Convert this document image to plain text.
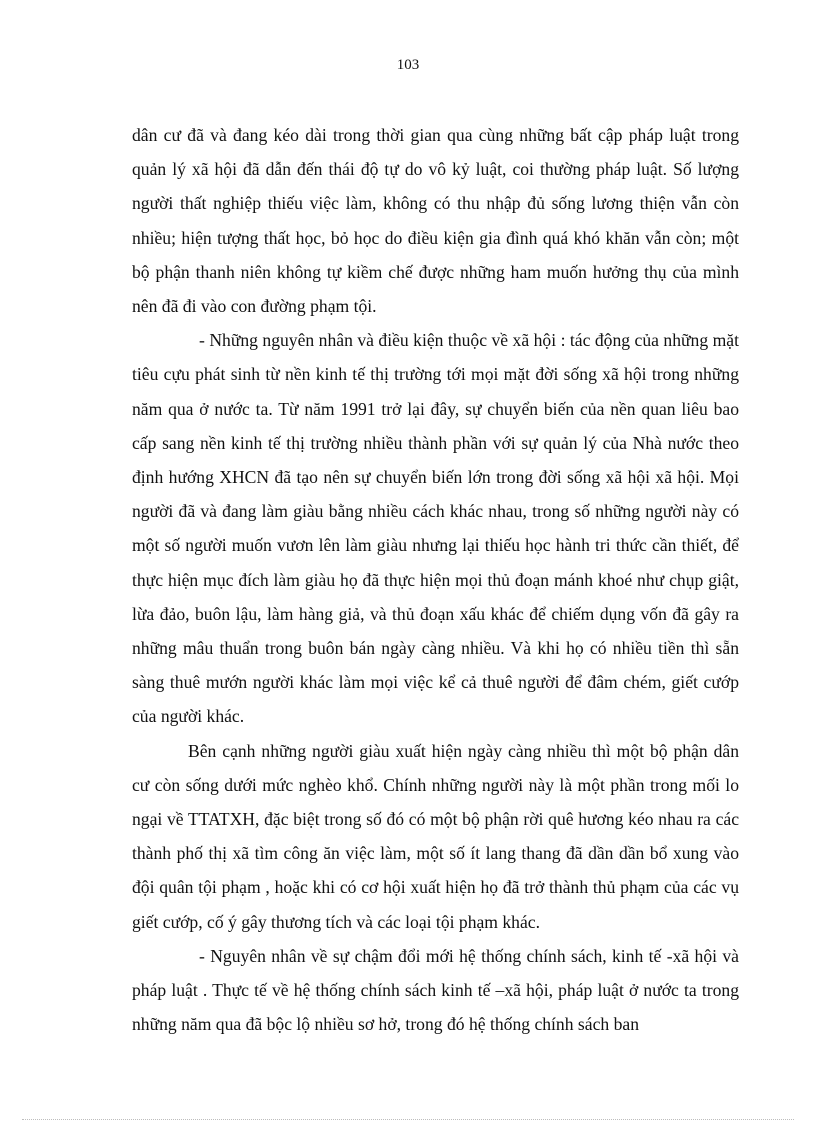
103

dân cư đã và đang kéo dài trong thời gian qua cùng những bất cập pháp luật trong quản lý xã hội đã dẫn đến thái độ tự do vô kỷ luật, coi thường pháp luật. Số lượng người thất nghiệp thiếu việc làm, không có thu nhập đủ sống lương thiện vẫn còn nhiều; hiện tượng thất học, bỏ học do điều kiện gia đình quá khó khăn vẫn còn; một bộ phận thanh niên không tự kiềm chế được những ham muốn hưởng thụ của mình nên đã đi vào con đường phạm tội.

- Những nguyên nhân và điều kiện thuộc về xã hội : tác động của những mặt tiêu cựu phát sinh từ nền kinh tế thị trường tới mọi mặt đời sống xã hội trong những năm qua ở nước ta. Từ năm 1991 trở lại đây, sự chuyển biến của nền quan liêu bao cấp sang nền kinh tế thị trường nhiều thành phần với sự quản lý của Nhà nước theo định hướng XHCN đã tạo nên sự chuyển biến lớn trong đời sống xã hội xã hội. Mọi người đã và đang làm giàu bằng nhiều cách khác nhau, trong số những người này có một số người muốn vươn lên làm giàu nhưng lại thiếu học hành tri thức cần thiết, để thực hiện mục đích làm giàu họ đã thực hiện mọi thủ đoạn mánh khoé như chụp giật, lừa đảo, buôn lậu, làm hàng giả, và thủ đoạn xấu khác để chiếm dụng vốn đã gây ra những mâu thuẩn trong buôn bán ngày càng nhiều. Và khi họ có nhiều tiền thì sẵn sàng thuê mướn người khác làm mọi việc kể cả thuê người để đâm chém, giết cướp của người khác.

Bên cạnh những người giàu xuất hiện ngày càng nhiều thì một bộ phận dân cư còn sống dưới mức nghèo khổ. Chính những người này là một phần trong mối lo ngại về TTATXH, đặc biệt trong số đó có một bộ phận rời quê hương kéo nhau ra các thành phố thị xã tìm công ăn việc làm, một số ít lang thang đã dần dần bổ xung vào đội quân tội phạm , hoặc khi có cơ hội xuất hiện họ đã trở thành thủ phạm của các vụ giết cướp, cố ý gây thương tích và các loại tội phạm khác.

- Nguyên nhân về sự chậm đổi mới hệ thống chính sách, kinh tế -xã hội và pháp luật . Thực tế về hệ thống chính sách kinh tế –xã hội, pháp luật ở nước ta trong những năm qua đã bộc lộ nhiều sơ hở, trong đó hệ thống chính sách ban
